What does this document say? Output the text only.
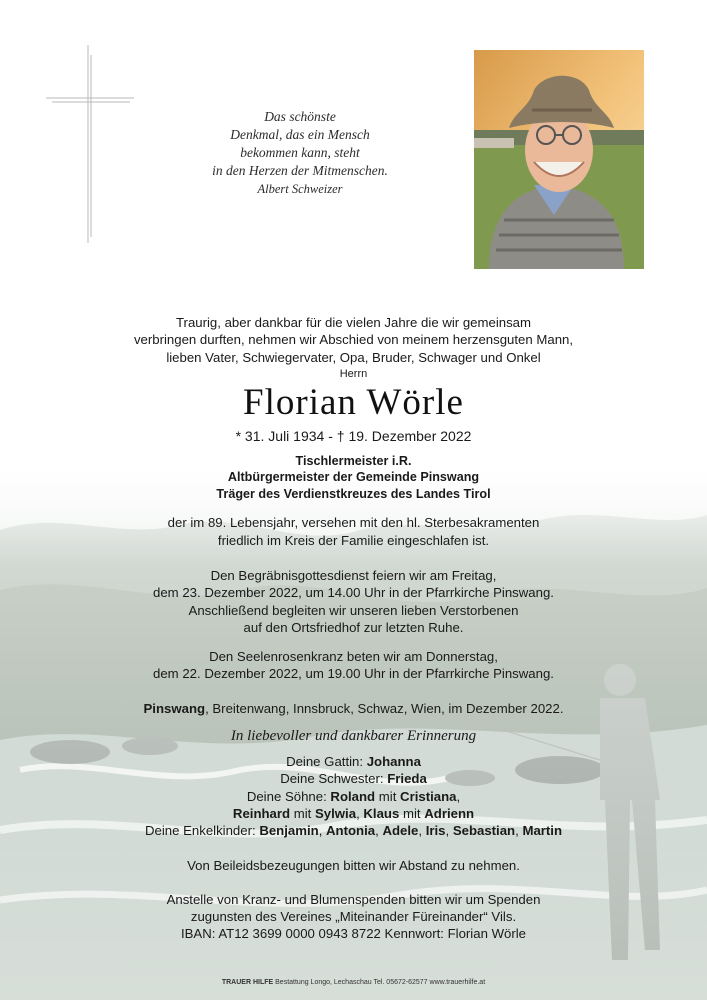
Das schönste
Denkmal, das ein Mensch
bekommen kann, steht
in den Herzen der Mitmenschen.
Albert Schweizer
Traurig, aber dankbar für die vielen Jahre die wir gemeinsam
verbringen durften, nehmen wir Abschied von meinem herzensguten Mann,
lieben Vater, Schwiegervater, Opa, Bruder, Schwager und Onkel
Herrn
Florian Wörle
* 31. Juli 1934 - † 19. Dezember 2022
Tischlermeister i.R.
Altbürgermeister der Gemeinde Pinswang
Träger des Verdienstkreuzes des Landes Tirol
der im 89. Lebensjahr, versehen mit den hl. Sterbesakramenten
friedlich im Kreis der Familie eingeschlafen ist.
Den Begräbnisgottesdienst feiern wir am Freitag,
dem 23. Dezember 2022, um 14.00 Uhr in der Pfarrkirche Pinswang.
Anschließend begleiten wir unseren lieben Verstorbenen
auf den Ortsfriedhof zur letzten Ruhe.
Den Seelenrosenkranz beten wir am Donnerstag,
dem 22. Dezember 2022, um 19.00 Uhr in der Pfarrkirche Pinswang.
Pinswang, Breitenwang, Innsbruck, Schwaz, Wien, im Dezember 2022.
In liebevoller und dankbarer Erinnerung
Deine Gattin: Johanna
Deine Schwester: Frieda
Deine Söhne: Roland mit Cristiana,
Reinhard mit Sylwia, Klaus mit Adrienn
Deine Enkelkinder: Benjamin, Antonia, Adele, Iris, Sebastian, Martin
Von Beileidsbezeugungen bitten wir Abstand zu nehmen.
Anstelle von Kranz- und Blumenspenden bitten wir um Spenden
zugunsten des Vereines „Miteinander Füreinander“ Vils.
IBAN: AT12 3699 0000 0943 8722 Kennwort: Florian Wörle
TRAUER HILFE Bestattung Longo, Lechaschau Tel. 05672-62577 www.trauerhilfe.at
